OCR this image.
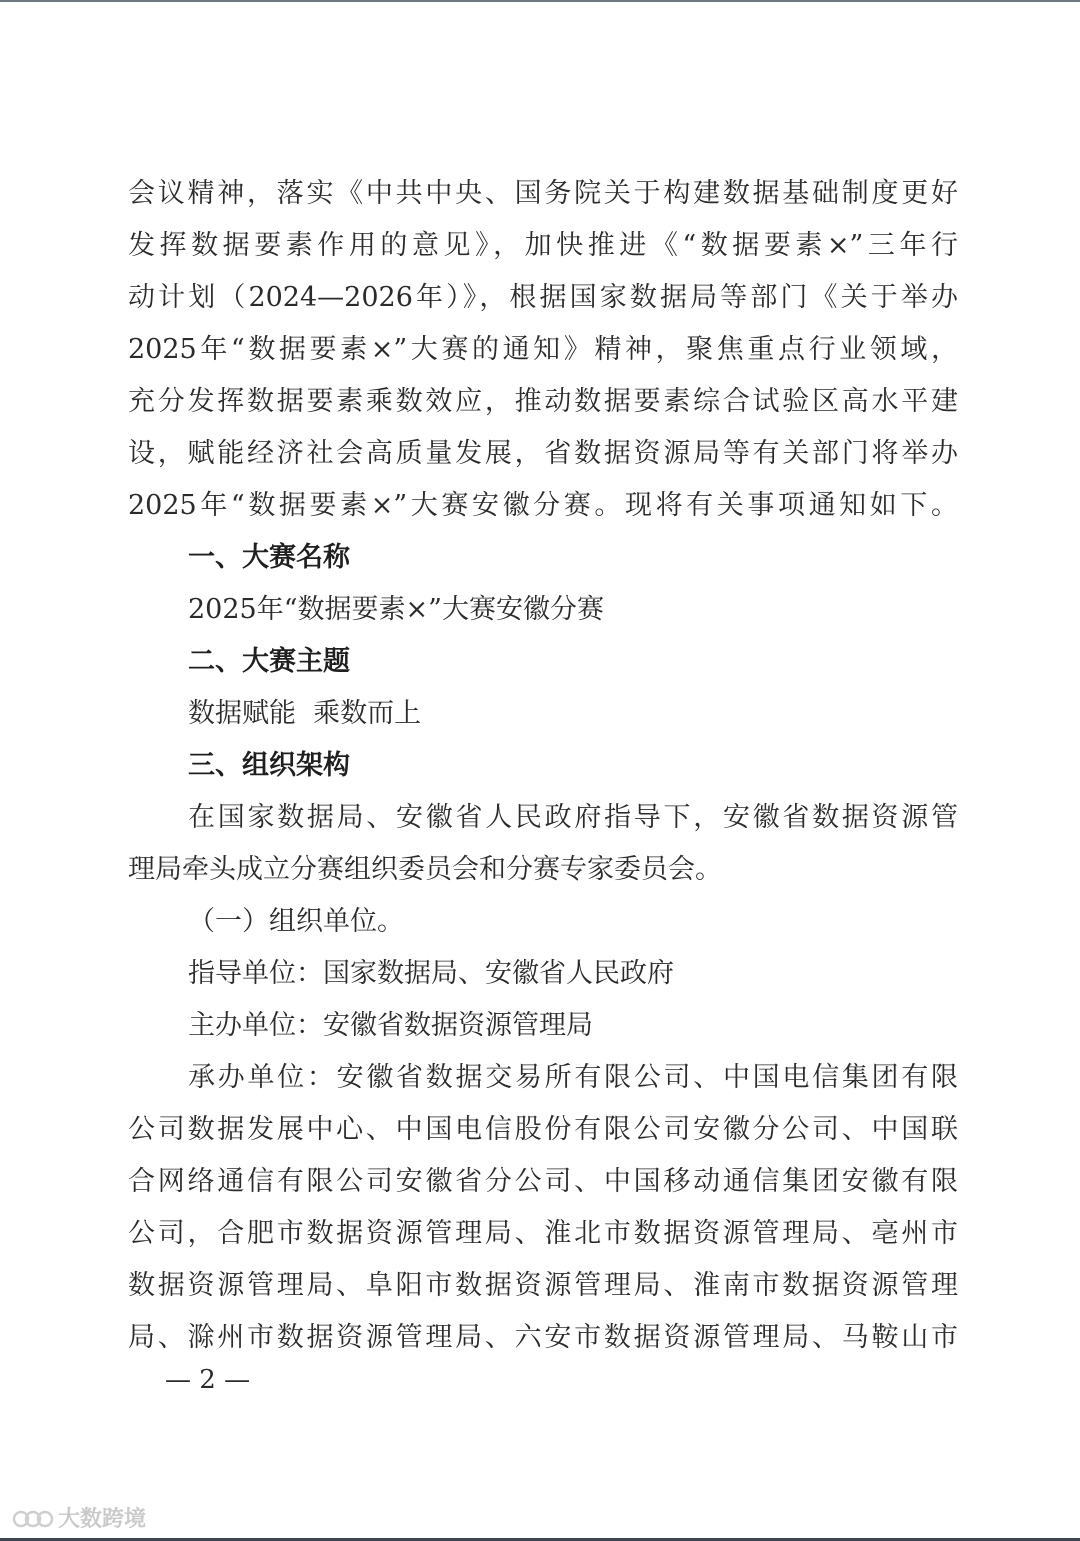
会议精神，落实《中共中央、国务院关于构建数据基础制度更好
发挥数据要素作用的意见》，加快推进《“数据要素×”三年行
动计划（2024—2026年）》，根据国家数据局等部门《关于举办
2025年“数据要素×”大赛的通知》精神，聚焦重点行业领域，
充分发挥数据要素乘数效应，推动数据要素综合试验区高水平建
设，赋能经济社会高质量发展，省数据资源局等有关部门将举办
2025年“数据要素×”大赛安徽分赛。现将有关事项通知如下。
一、大赛名称
2025年“数据要素×”大赛安徽分赛
二、大赛主题
数据赋能  乘数而上
三、组织架构
在国家数据局、安徽省人民政府指导下，安徽省数据资源管
理局牵头成立分赛组织委员会和分赛专家委员会。
（一）组织单位。
指导单位：国家数据局、安徽省人民政府
主办单位：安徽省数据资源管理局
承办单位：安徽省数据交易所有限公司、中国电信集团有限
公司数据发展中心、中国电信股份有限公司安徽分公司、中国联
合网络通信有限公司安徽省分公司、中国移动通信集团安徽有限
公司，合肥市数据资源管理局、淮北市数据资源管理局、亳州市
数据资源管理局、阜阳市数据资源管理局、淮南市数据资源管理
局、滁州市数据资源管理局、六安市数据资源管理局、马鞍山市
— 2 —
大数跨境
